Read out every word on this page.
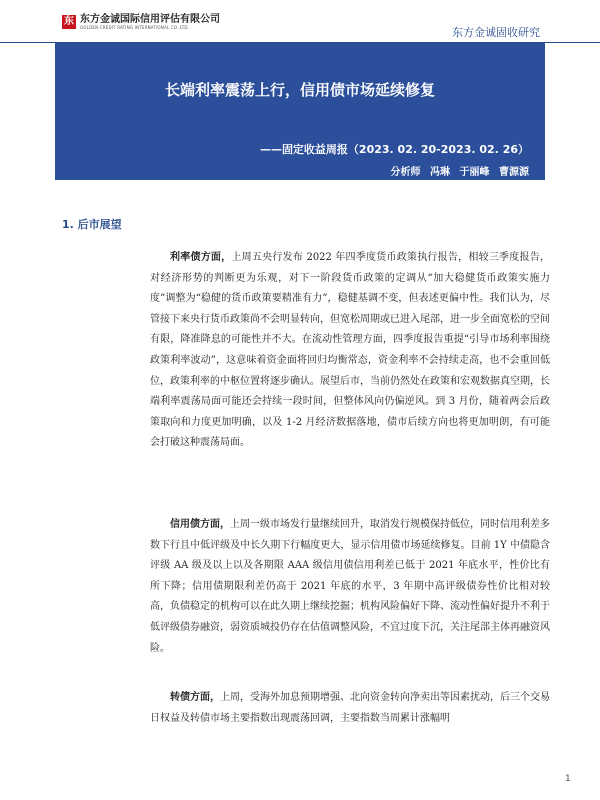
东 东方金诚国际信用评估有限公司
GOLDEN CREDIT RATING INTERNATIONAL CO.,LTD.	东方金诚固收研究
长端利率震荡上行，信用债市场延续修复
——固定收益周报（2023. 02. 20-2023. 02. 26）
分析师 冯琳 于丽峰 曹源源
1. 后市展望

利率债方面，上周五央行发布 2022 年四季度货币政策执行报告，相较三季度报告，对经济形势的判断更为乐观，对下一阶段货币政策的定调从“加大稳健货币政策实施力度”调整为“稳健的货币政策要精准有力”，稳健基调不变，但表述更偏中性。我们认为，尽管接下来央行货币政策尚不会明显转向，但宽松周期或已进入尾部，进一步全面宽松的空间有限，降准降息的可能性并不大。在流动性管理方面，四季度报告重提“引导市场利率围绕政策利率波动”，这意味着资金面将回归均衡常态，资金利率不会持续走高，也不会重回低位，政策利率的中枢位置将逐步确认。展望后市，当前仍然处在政策和宏观数据真空期，长端利率震荡局面可能还会持续一段时间，但整体风向仍偏逆风。到 3 月份，随着两会后政策取向和力度更加明确，以及 1-2 月经济数据落地，债市后续方向也将更加明朗，有可能会打破这种震荡局面。

信用债方面，上周一级市场发行量继续回升，取消发行规模保持低位，同时信用利差多数下行且中低评级及中长久期下行幅度更大，显示信用债市场延续修复。目前 1Y 中债隐含评级 AA 级及以上以及各期限 AAA 级信用债信用利差已低于 2021 年底水平，性价比有所下降；信用债期限利差仍高于 2021 年底的水平，3 年期中高评级债券性价比相对较高，负债稳定的机构可以在此久期上继续挖掘；机构风险偏好下降、流动性偏好提升不利于低评级债券融资，弱资质城投仍存在估值调整风险，不宜过度下沉，关注尾部主体再融资风险。

转债方面，上周，受海外加息预期增强、北向资金转向净卖出等因素扰动，后三个交易日权益及转债市场主要指数出现震荡回调，主要指数当周累计涨幅明

1
